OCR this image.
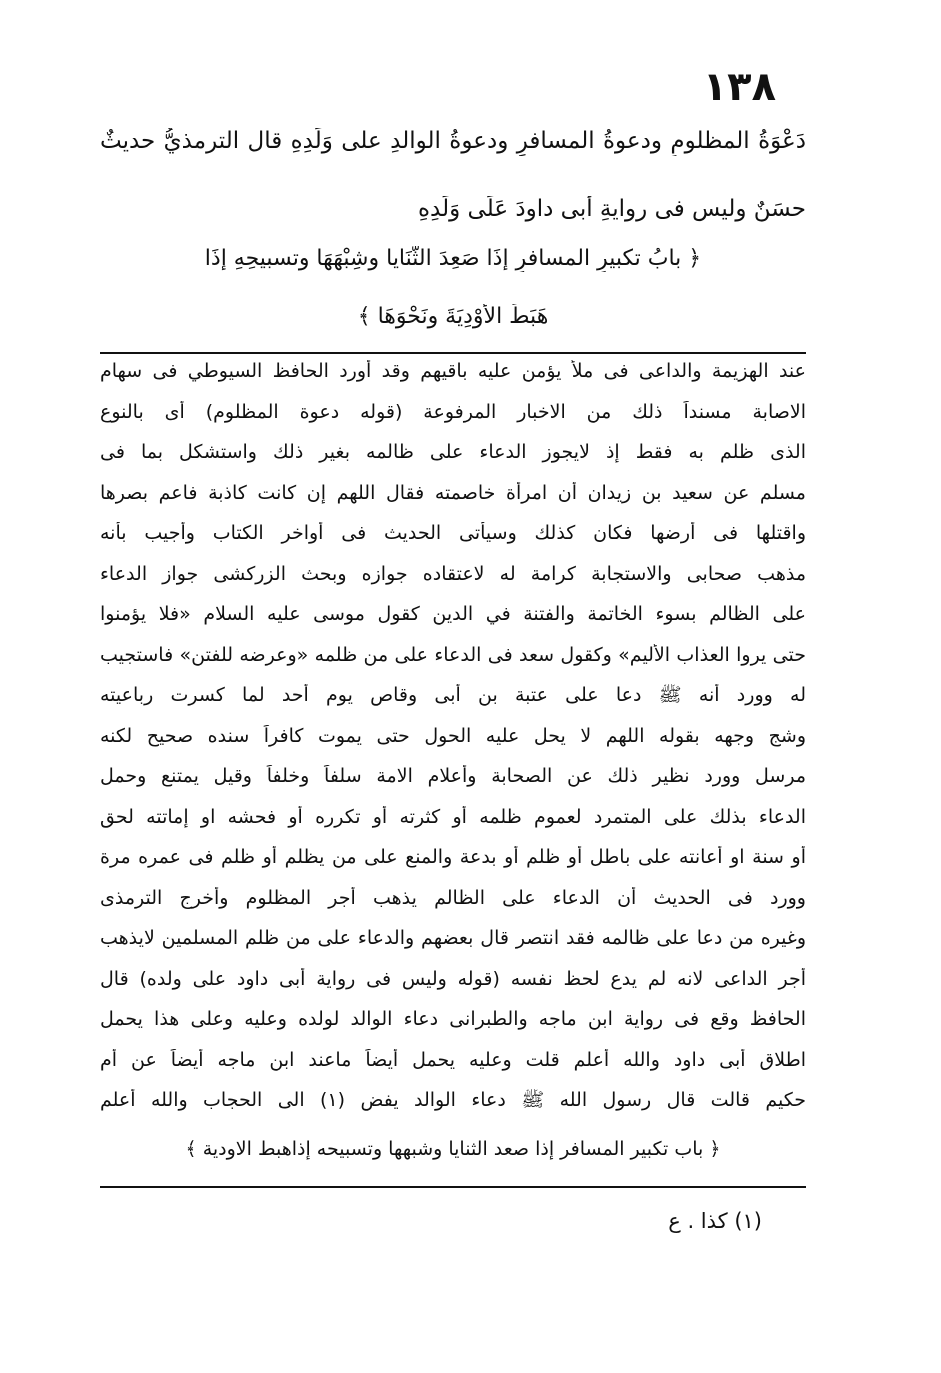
١٣٨
دَعْوَةُ المظلومِ ودعوةُ المسافرِ ودعوةُ الوالدِ على وَلَدِهِ قال الترمذيُّ حديثٌ
حسَنٌ وليس فى روايةِ أبى داودَ عَلَى وَلَدِهِ
﴿ بابُ تكبيرِ المسافرِ إذَا صَعِدَ الثَّنَايا وشِبْهَهَا وتسبيحِهِ إذَا
هَبَطَ الأَوْدِيَةَ ونَحْوَهَا ﴾
عند الهزيمة والداعى فى ملأ يؤمن عليه باقيهم وقد أورد الحافظ السيوطي فى سهام
الاصابة مسنداً ذلك من الاخبار المرفوعة (قوله دعوة المظلوم) أى بالنوع
الذى ظلم به فقط إذ لايجوز الدعاء على ظالمه بغير ذلك واستشكل بما فى
مسلم عن سعيد بن زيدان أن امرأة خاصمته فقال اللهم إن كانت كاذبة فاعم بصرها
واقتلها فى أرضها فكان كذلك وسيأتى الحديث فى أواخر الكتاب وأجيب بأنه
مذهب صحابى والاستجابة كرامة له لاعتقاده جوازه وبحث الزركشى جواز الدعاء
على الظالم بسوء الخاتمة والفتنة في الدين كقول موسى عليه السلام «فلا يؤمنوا
حتى يروا العذاب الأليم» وكقول سعد فى الدعاء على من ظلمه «وعرضه للفتن» فاستجيب
له وورد أنه ﷺ دعا على عتبة بن أبى وقاص يوم أحد لما كسرت رباعيته
وشج وجهه بقوله اللهم لا يحل عليه الحول حتى يموت كافراً سنده صحيح لكنه
مرسل وورد نظير ذلك عن الصحابة وأعلام الامة سلفاً وخلفاً وقيل يمتنع وحمل
الدعاء بذلك على المتمرد لعموم ظلمه أو كثرته أو تكرره أو فحشه او إماتته لحق
أو سنة او أعانته على باطل أو ظلم أو بدعة والمنع على من يظلم أو ظلم فى عمره مرة
وورد فى الحديث أن الدعاء على الظالم يذهب أجر المظلوم وأخرج الترمذى
وغيره من دعا على ظالمه فقد انتصر قال بعضهم والدعاء على من ظلم المسلمين لايذهب
أجر الداعى لانه لم يدع لحظ نفسه (قوله وليس فى رواية أبى داود على ولده) قال
الحافظ وقع فى رواية ابن ماجه والطبرانى دعاء الوالد لولده وعليه وعلى هذا يحمل
اطلاق أبى داود والله أعلم قلت وعليه يحمل أيضاً ماعند ابن ماجه أيضاً عن أم
حكيم قالت قال رسول الله ﷺ دعاء الوالد يفض (١) الى الحجاب والله أعلم
﴿ باب تكبير المسافر إذا صعد الثنايا وشبهها وتسبيحه إذاهبط الاودية ﴾
(١) كذا . ع
